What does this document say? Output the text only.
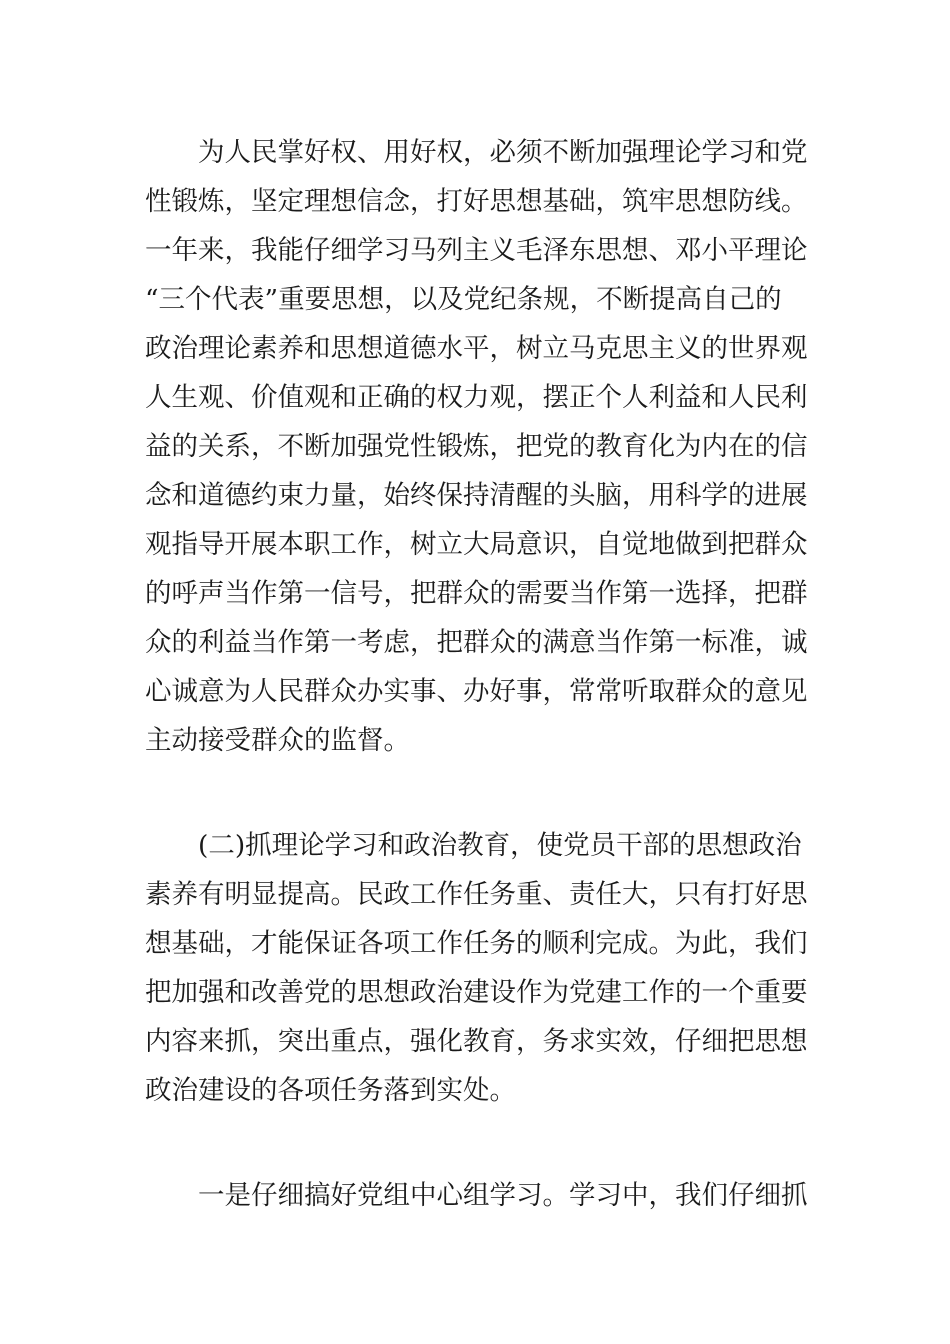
为人民掌好权、用好权，必须不断加强理论学习和党
性锻炼，坚定理想信念，打好思想基础，筑牢思想防线。
一年来，我能仔细学习马列主义毛泽东思想、邓小平理论
“三个代表”重要思想，以及党纪条规，不断提高自己的
政治理论素养和思想道德水平，树立马克思主义的世界观
人生观、价值观和正确的权力观，摆正个人利益和人民利
益的关系，不断加强党性锻炼，把党的教育化为内在的信
念和道德约束力量，始终保持清醒的头脑，用科学的进展
观指导开展本职工作，树立大局意识，自觉地做到把群众
的呼声当作第一信号，把群众的需要当作第一选择，把群
众的利益当作第一考虑，把群众的满意当作第一标准，诚
心诚意为人民群众办实事、办好事，常常听取群众的意见
主动接受群众的监督。
(二)抓理论学习和政治教育，使党员干部的思想政治
素养有明显提高。民政工作任务重、责任大，只有打好思
想基础，才能保证各项工作任务的顺利完成。为此，我们
把加强和改善党的思想政治建设作为党建工作的一个重要
内容来抓，突出重点，强化教育，务求实效，仔细把思想
政治建设的各项任务落到实处。
一是仔细搞好党组中心组学习。学习中，我们仔细抓
